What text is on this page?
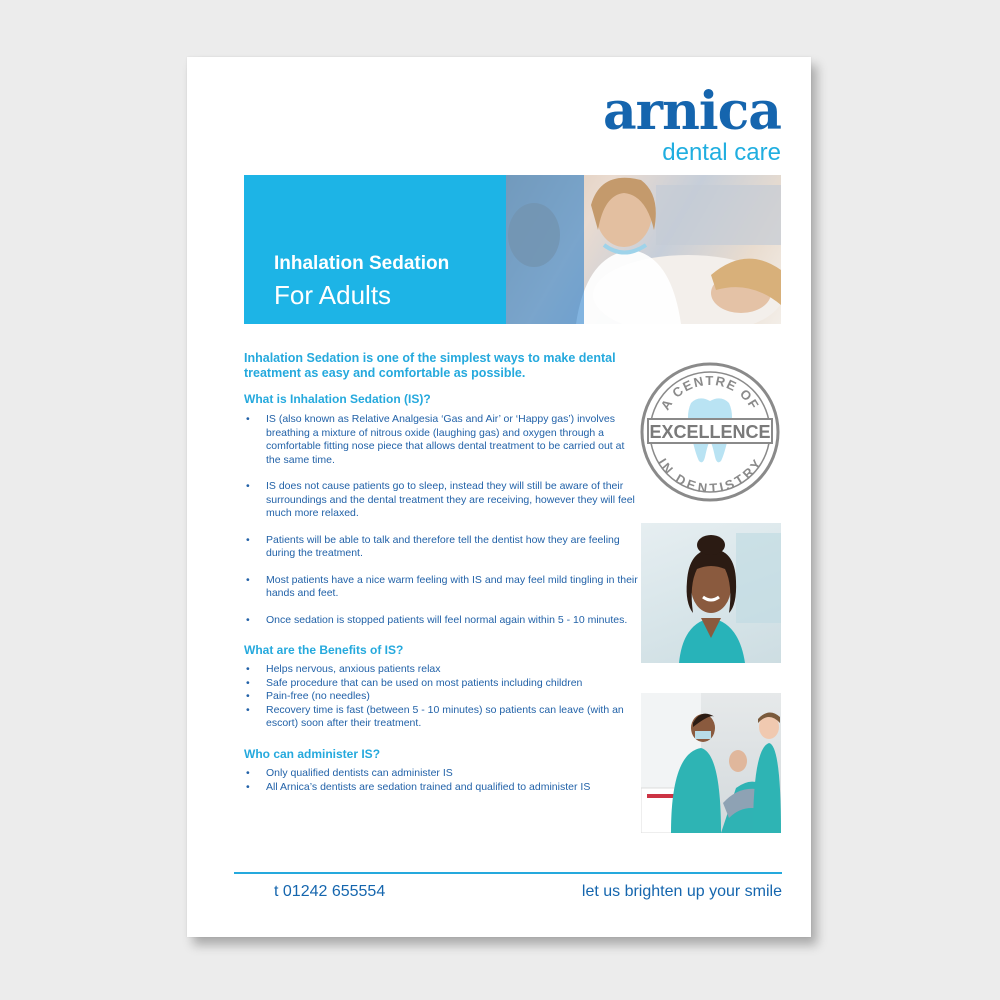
arnica
dental care
Inhalation Sedation
For Adults
Inhalation Sedation is one of the simplest ways to make dental treatment as easy and comfortable as possible.
What is Inhalation Sedation (IS)?
• IS (also known as Relative Analgesia ‘Gas and Air’ or ‘Happy gas’) involves breathing a mixture of nitrous oxide (laughing gas) and oxygen through a comfortable fitting nose piece that allows dental treatment to be carried out at the same time.
• IS does not cause patients go to sleep, instead they will still be aware of their surroundings and the dental treatment they are receiving, however they will feel much more relaxed.
• Patients will be able to talk and therefore tell the dentist how they are feeling during the treatment.
• Most patients have a nice warm feeling with IS and may feel mild tingling in their hands and feet.
• Once sedation is stopped patients will feel normal again within 5 - 10 minutes.
What are the Benefits of IS?
• Helps nervous, anxious patients relax
• Safe procedure that can be used on most patients including children
• Pain-free (no needles)
• Recovery time is fast (between 5 - 10 minutes) so patients can leave (with an escort) soon after their treatment.
Who can administer IS?
• Only qualified dentists can administer IS
• All Arnica’s dentists are sedation trained and qualified to administer IS
EXCELLENCE
A CENTRE OF
IN DENTISTRY
t 01242 655554	let us brighten up your smile
